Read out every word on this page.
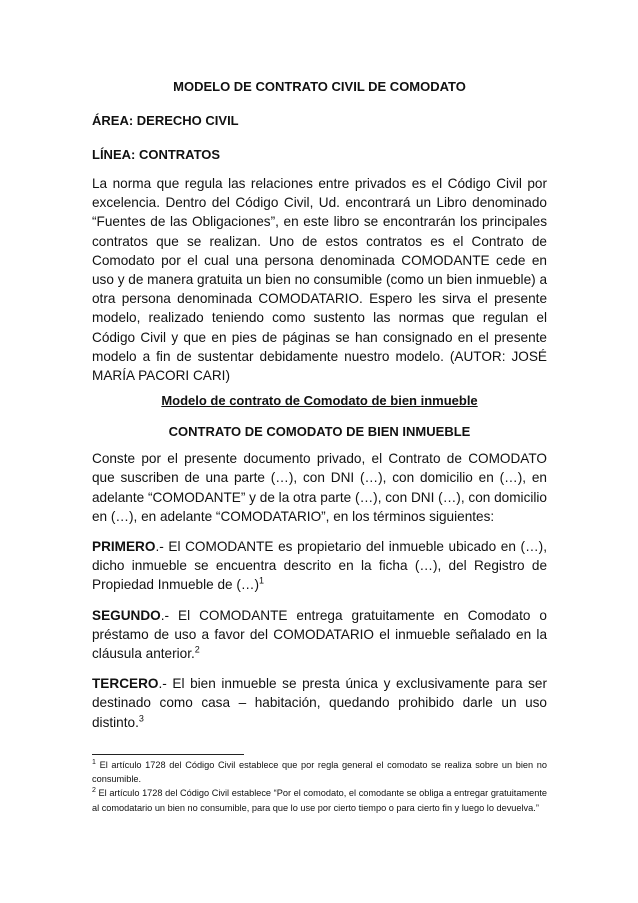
MODELO DE CONTRATO CIVIL DE COMODATO

ÁREA: DERECHO CIVIL

LÍNEA: CONTRATOS

La norma que regula las relaciones entre privados es el Código Civil por excelencia. Dentro del Código Civil, Ud. encontrará un Libro denominado “Fuentes de las Obligaciones”, en este libro se encontrarán los principales contratos que se realizan. Uno de estos contratos es el Contrato de Comodato por el cual una persona denominada COMODANTE cede en uso y de manera gratuita un bien no consumible (como un bien inmueble) a otra persona denominada COMODATARIO. Espero les sirva el presente modelo, realizado teniendo como sustento las normas que regulan el Código Civil y que en pies de páginas se han consignado en el presente modelo a fin de sustentar debidamente nuestro modelo. (AUTOR: JOSÉ MARÍA PACORI CARI)

Modelo de contrato de Comodato de bien inmueble

CONTRATO DE COMODATO DE BIEN INMUEBLE

Conste por el presente documento privado, el Contrato de COMODATO que suscriben de una parte (…), con DNI (…), con domicilio en (…), en adelante “COMODANTE” y de la otra parte (…), con DNI (…), con domicilio en (…), en adelante “COMODATARIO”, en los términos siguientes:

PRIMERO.- El COMODANTE es propietario del inmueble ubicado en (…), dicho inmueble se encuentra descrito en la ficha (…), del Registro de Propiedad Inmueble de (…)$^1$

SEGUNDO.- El COMODANTE entrega gratuitamente en Comodato o préstamo de uso a favor del COMODATARIO el inmueble señalado en la cláusula anterior.$^2$

TERCERO.- El bien inmueble se presta única y exclusivamente para ser destinado como casa – habitación, quedando prohibido darle un uso distinto.$^3$

$^1$ El artículo 1728 del Código Civil establece que por regla general el comodato se realiza sobre un bien no consumible.

$^2$ El artículo 1728 del Código Civil establece “Por el comodato, el comodante se obliga a entregar gratuitamente al comodatario un bien no consumible, para que lo use por cierto tiempo o para cierto fin y luego lo devuelva.”
